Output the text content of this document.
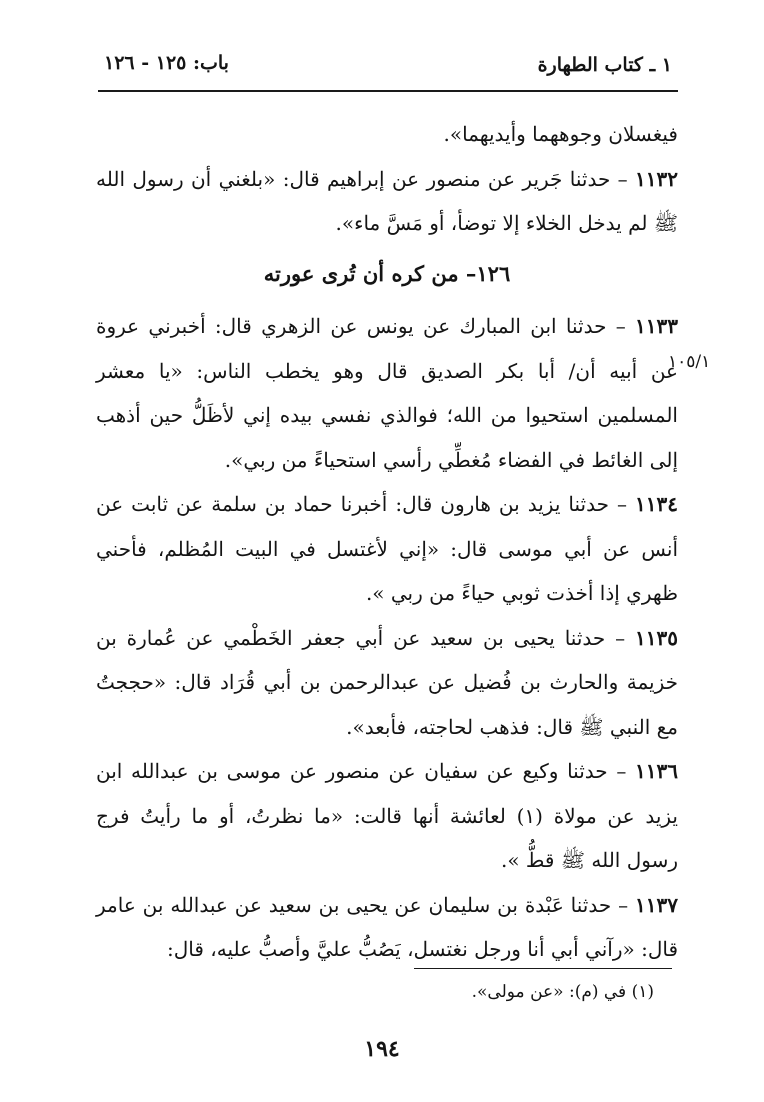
١ ـ كتاب الطهارة
باب: ١٢٥ - ١٢٦
١٠٥/١

فيغسلان وجوههما وأيديهما».

١١٣٢ – حدثنا جَرير عن منصور عن إبراهيم قال: «بلغني أن رسول الله ﷺ لم يدخل الخلاء إلا توضأ، أو مَسَّ ماء».

١٢٦– من كره أن تُرى عورته

١١٣٣ – حدثنا ابن المبارك عن يونس عن الزهري قال: أخبرني عروة عن أبيه أن/ أبا بكر الصديق قال وهو يخطب الناس: «يا معشر المسلمين استحيوا من الله؛ فوالذي نفسي بيده إني لأظَلُّ حين أذهب إلى الغائط في الفضاء مُغطِّي رأسي استحياءً من ربي».

١١٣٤ – حدثنا يزيد بن هارون قال: أخبرنا حماد بن سلمة عن ثابت عن أنس عن أبي موسى قال: «إني لأغتسل في البيت المُظلم، فأحني ظهري إذا أخذت ثوبي حياءً من ربي ».

١١٣٥ – حدثنا يحيى بن سعيد عن أبي جعفر الخَطْمي عن عُمارة بن خزيمة والحارث بن فُضيل عن عبدالرحمن بن أبي قُرَاد قال: «حججتُ مع النبي ﷺ قال: فذهب لحاجته، فأبعد».

١١٣٦ – حدثنا وكيع عن سفيان عن منصور عن موسى بن عبدالله ابن يزيد عن مولاة (١) لعائشة أنها قالت: «ما نظرتُ، أو ما رأيتُ فرج رسول الله ﷺ قطُّ ».

١١٣٧ – حدثنا عَبْدة بن سليمان عن يحيى بن سعيد عن عبدالله بن عامر قال: «رآني أبي أنا ورجل نغتسل، يَصُبُّ عليَّ وأصبُّ عليه، قال:

(١) في (م): «عن مولى».
١٩٤
